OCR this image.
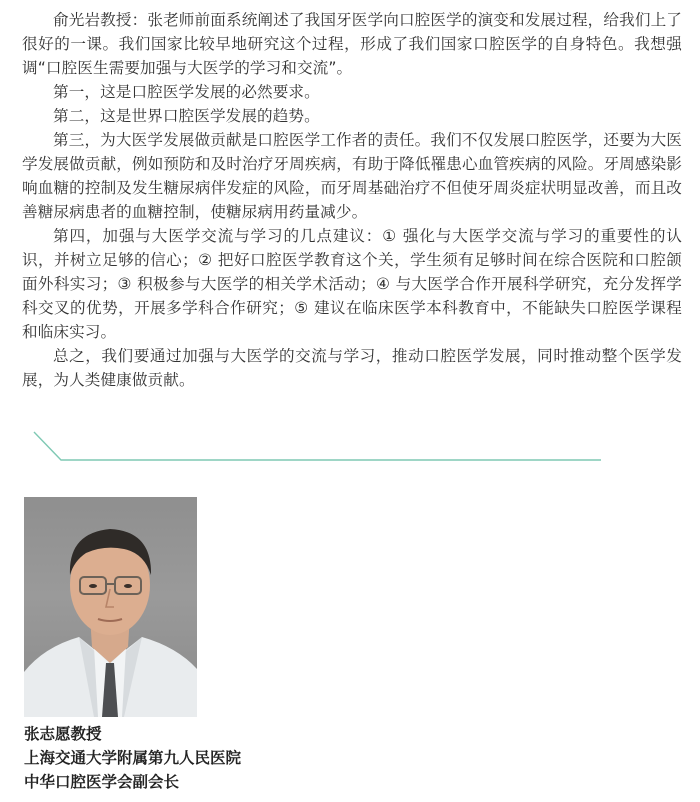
俞光岩教授：张老师前面系统阐述了我国牙医学向口腔医学的演变和发展过程，给我们上了很好的一课。我们国家比较早地研究这个过程，形成了我们国家口腔医学的自身特色。我想强调“口腔医生需要加强与大医学的学习和交流”。

第一，这是口腔医学发展的必然要求。

第二，这是世界口腔医学发展的趋势。

第三，为大医学发展做贡献是口腔医学工作者的责任。我们不仅发展口腔医学，还要为大医学发展做贡献，例如预防和及时治疗牙周疾病，有助于降低罹患心血管疾病的风险。牙周感染影响血糖的控制及发生糖尿病伴发症的风险，而牙周基础治疗不但使牙周炎症状明显改善，而且改善糖尿病患者的血糖控制，使糖尿病用药量减少。

第四，加强与大医学交流与学习的几点建议：① 强化与大医学交流与学习的重要性的认识，并树立足够的信心；② 把好口腔医学教育这个关，学生须有足够时间在综合医院和口腔颌面外科实习；③ 积极参与大医学的相关学术活动；④ 与大医学合作开展科学研究，充分发挥学科交叉的优势，开展多学科合作研究；⑤ 建议在临床医学本科教育中，不能缺失口腔医学课程和临床实习。

总之，我们要通过加强与大医学的交流与学习，推动口腔医学发展，同时推动整个医学发展，为人类健康做贡献。

张志愿教授
上海交通大学附属第九人民医院
中华口腔医学会副会长
